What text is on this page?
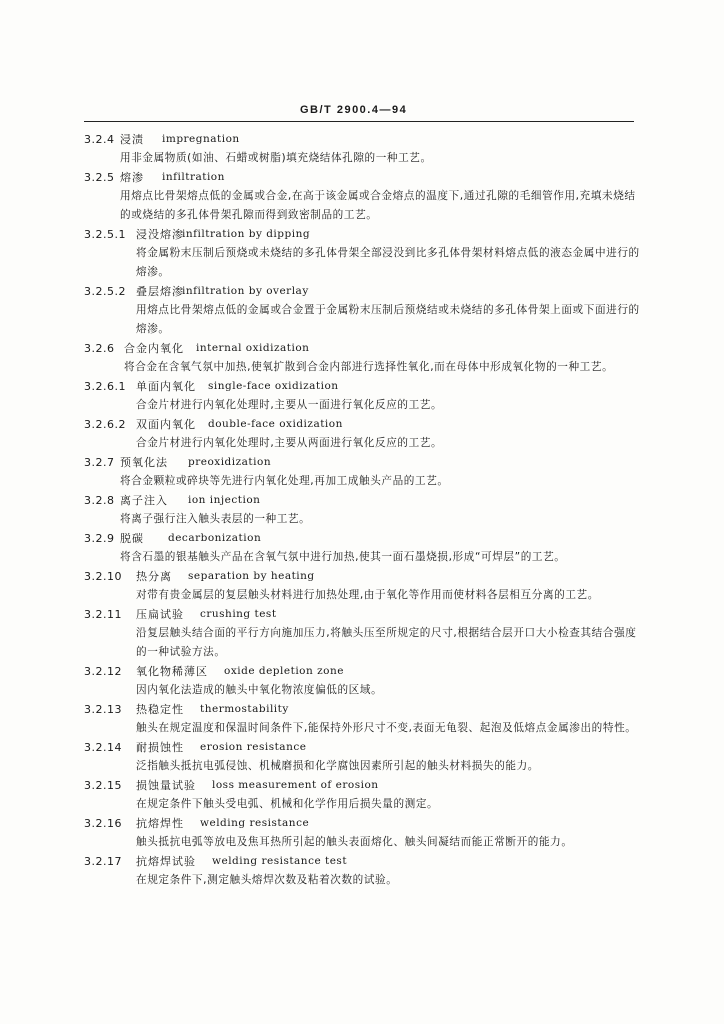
GB/T 2900.4—94
3.2.4 浸渍 impregnation
用非金属物质(如油、石蜡或树脂)填充烧结体孔隙的一种工艺。
3.2.5 熔渗 infiltration
用熔点比骨架熔点低的金属或合金,在高于该金属或合金熔点的温度下,通过孔隙的毛细管作用,充填未烧结的或烧结的多孔体骨架孔隙而得到致密制品的工艺。
3.2.5.1 浸没熔渗
infiltration by dipping
将金属粉末压制后预烧或未烧结的多孔体骨架全部浸没到比多孔体骨架材料熔点低的液态金属中进行的熔渗。
3.2.5.2 叠层熔渗
infiltration by overlay
用熔点比骨架熔点低的金属或合金置于金属粉末压制后预烧结或未烧结的多孔体骨架上面或下面进行的熔渗。
3.2.6 合金内氧化 internal oxidization
将合金在含氧气氛中加热,使氧扩散到合金内部进行选择性氧化,而在母体中形成氧化物的一种工艺。
3.2.6.1 单面内氧化 single-face oxidization
合金片材进行内氧化处理时,主要从一面进行氧化反应的工艺。
3.2.6.2 双面内氧化 double-face oxidization
合金片材进行内氧化处理时,主要从两面进行氧化反应的工艺。
3.2.7 预氧化法 preoxidization
将合金颗粒或碎块等先进行内氧化处理,再加工成触头产品的工艺。
3.2.8 离子注入 ion injection
将离子强行注入触头表层的一种工艺。
3.2.9 脱碳 decarbonization
将含石墨的银基触头产品在含氧气氛中进行加热,使其一面石墨烧损,形成“可焊层”的工艺。
3.2.10 热分离 separation by heating
对带有贵金属层的复层触头材料进行加热处理,由于氧化等作用而使材料各层相互分离的工艺。
3.2.11 压扁试验 crushing test
沿复层触头结合面的平行方向施加压力,将触头压至所规定的尺寸,根据结合层开口大小检查其结合强度的一种试验方法。
3.2.12 氧化物稀薄区 oxide depletion zone
因内氧化法造成的触头中氧化物浓度偏低的区域。
3.2.13 热稳定性 thermostability
触头在规定温度和保温时间条件下,能保持外形尺寸不变,表面无龟裂、起泡及低熔点金属渗出的特性。
3.2.14 耐损蚀性 erosion resistance
泛指触头抵抗电弧侵蚀、机械磨损和化学腐蚀因素所引起的触头材料损失的能力。
3.2.15 损蚀量试验 loss measurement of erosion
在规定条件下触头受电弧、机械和化学作用后损失量的测定。
3.2.16 抗熔焊性 welding resistance
触头抵抗电弧等放电及焦耳热所引起的触头表面熔化、触头间凝结而能正常断开的能力。
3.2.17 抗熔焊试验 welding resistance test
在规定条件下,测定触头熔焊次数及粘着次数的试验。
